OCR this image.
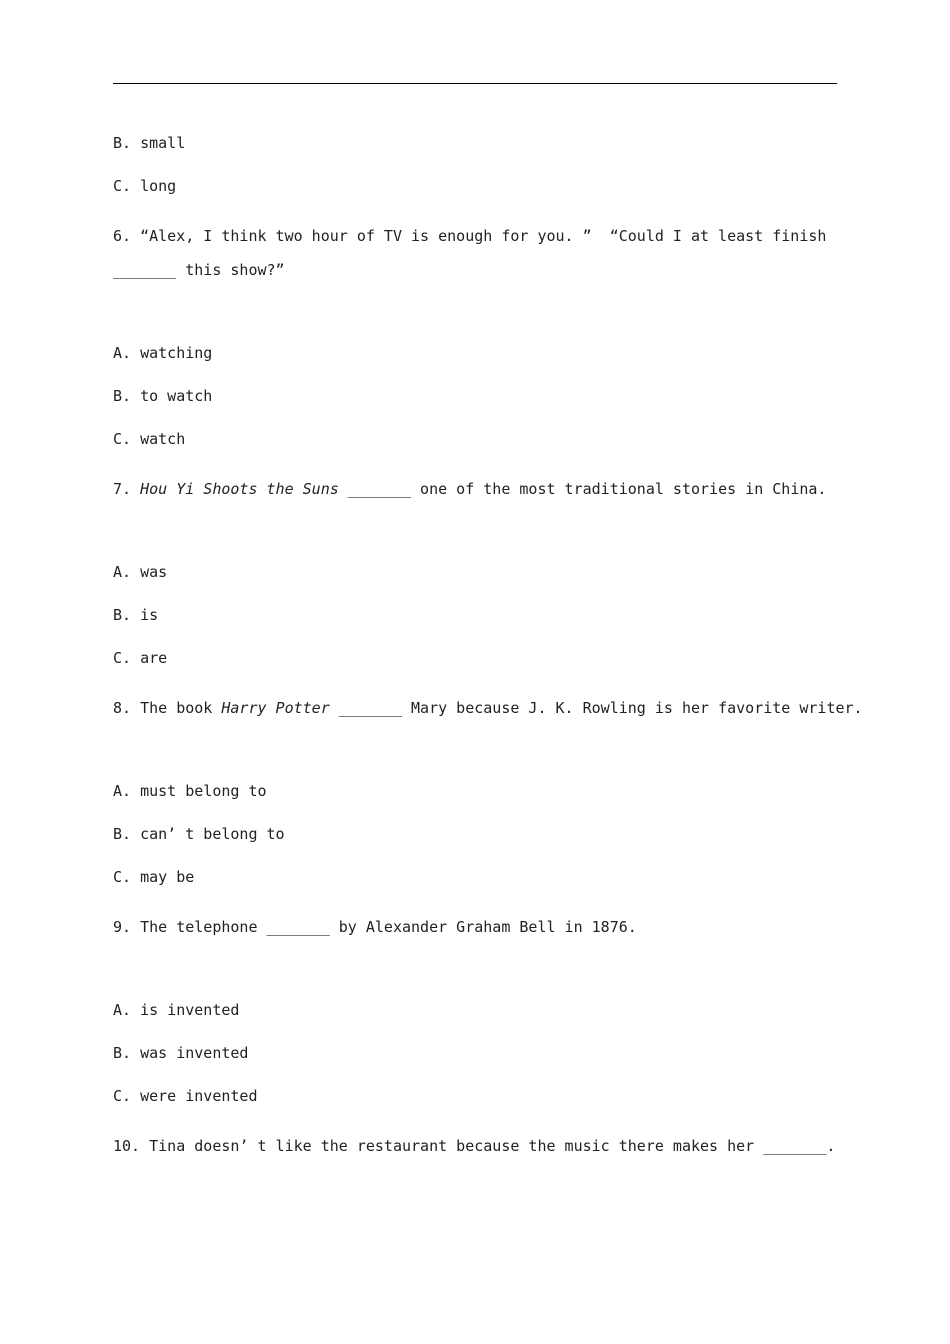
B. small
C. long
6. “Alex, I think two hour of TV is enough for you. ”  “Could I at least finish
_______ this show?”
A. watching
B. to watch
C. watch
7. Hou Yi Shoots the Suns _______ one of the most traditional stories in China.
A. was
B. is
C. are
8. The book Harry Potter _______ Mary because J. K. Rowling is her favorite writer.
A. must belong to
B. can’ t belong to
C. may be
9. The telephone _______ by Alexander Graham Bell in 1876.
A. is invented
B. was invented
C. were invented
10. Tina doesn’ t like the restaurant because the music there makes her _______.
